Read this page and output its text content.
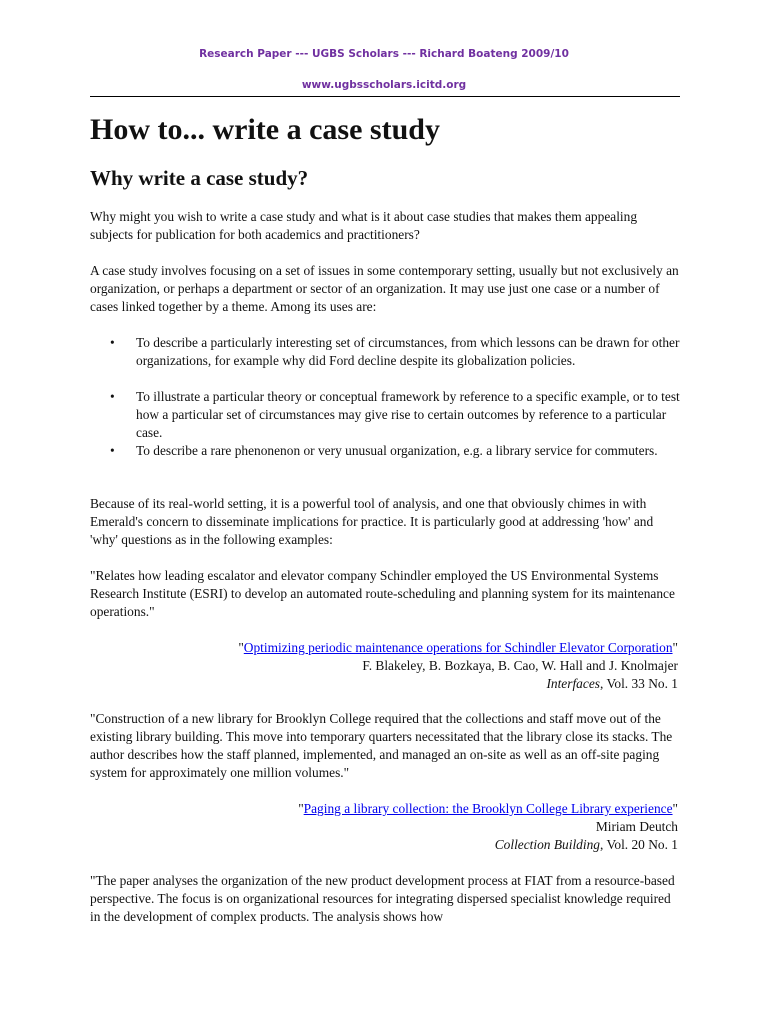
Research Paper --- UGBS Scholars --- Richard Boateng 2009/10
www.ugbsscholars.icitd.org
How to... write a case study
Why write a case study?

Why might you wish to write a case study and what is it about case studies that makes them appealing subjects for publication for both academics and practitioners?

A case study involves focusing on a set of issues in some contemporary setting, usually but not exclusively an organization, or perhaps a department or sector of an organization. It may use just one case or a number of cases linked together by a theme. Among its uses are:

•	To describe a particularly interesting set of circumstances, from which lessons can be drawn for other organizations, for example why did Ford decline despite its globalization policies.
•	To illustrate a particular theory or conceptual framework by reference to a specific example, or to test how a particular set of circumstances may give rise to certain outcomes by reference to a particular case.
•	To describe a rare phenonenon or very unusual organization, e.g. a library service for commuters.

Because of its real-world setting, it is a powerful tool of analysis, and one that obviously chimes in with Emerald's concern to disseminate implications for practice. It is particularly good at addressing 'how' and 'why' questions as in the following examples:

"Relates how leading escalator and elevator company Schindler employed the US Environmental Systems Research Institute (ESRI) to develop an automated route-scheduling and planning system for its maintenance operations."

"Optimizing periodic maintenance operations for Schindler Elevator Corporation"
F. Blakeley, B. Bozkaya, B. Cao, W. Hall and J. Knolmajer
Interfaces, Vol. 33 No. 1

"Construction of a new library for Brooklyn College required that the collections and staff move out of the existing library building. This move into temporary quarters necessitated that the library close its stacks. The author describes how the staff planned, implemented, and managed an on-site as well as an off-site paging system for approximately one million volumes."

"Paging a library collection: the Brooklyn College Library experience"
Miriam Deutch
Collection Building, Vol. 20 No. 1

"The paper analyses the organization of the new product development process at FIAT from a resource-based perspective. The focus is on organizational resources for integrating dispersed specialist knowledge required in the development of complex products. The analysis shows how
